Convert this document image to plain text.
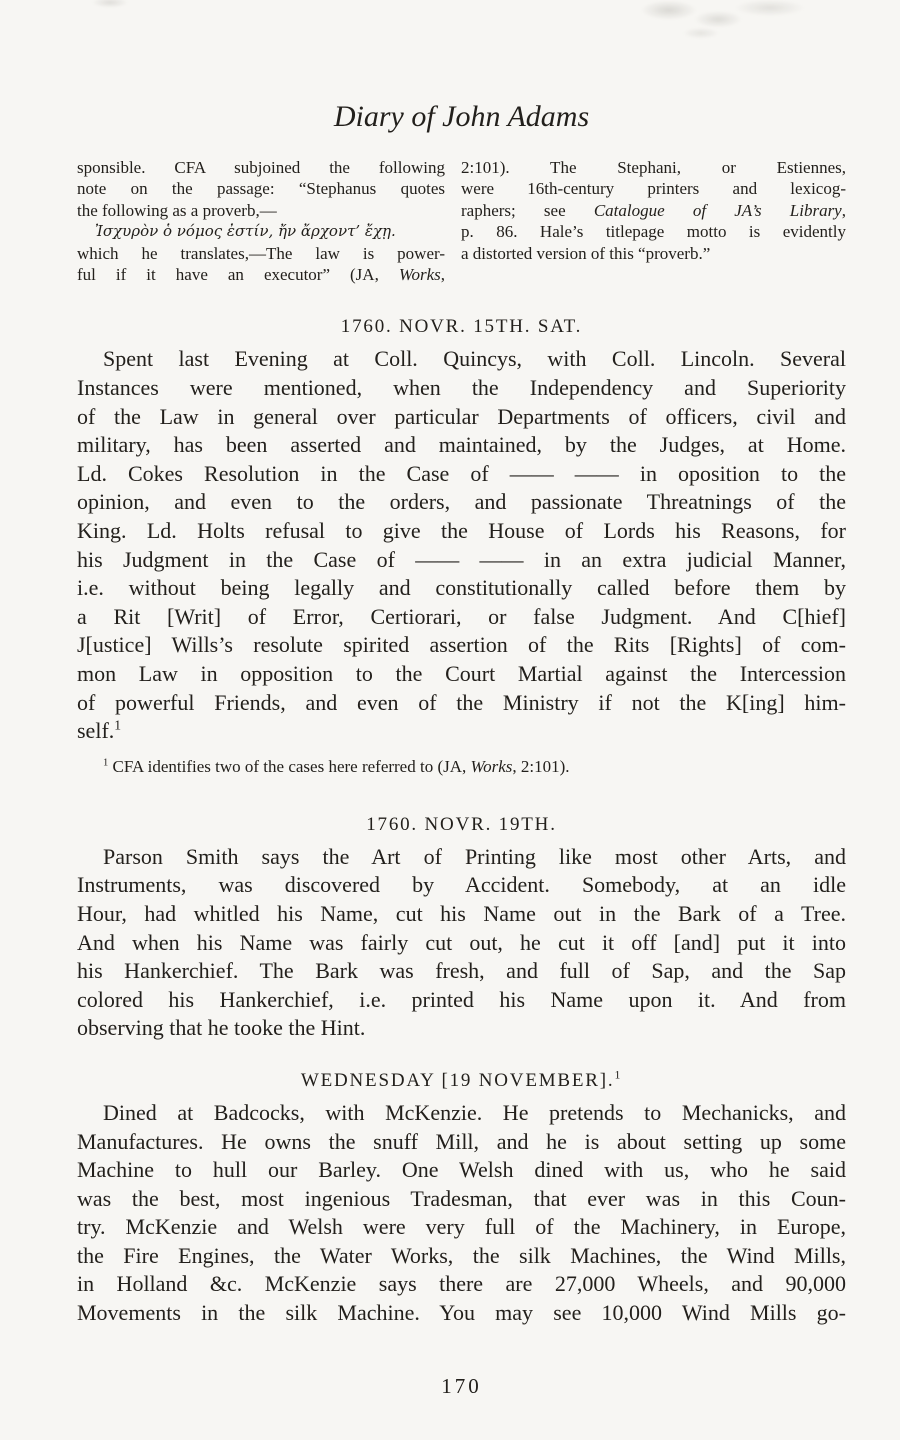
Diary of John Adams
sponsible. CFA subjoined the following
note on the passage: “Stephanus quotes
the following as a proverb,—
Ἰσχυρὸν ὁ νόμος ἐστίν, ἤν ἄρχοντ’ ἔχῃ.
which he translates,—The law is power-
ful if it have an executor” (JA, Works,
2:101). The Stephani, or Estiennes,
were 16th-century printers and lexicog-
raphers; see Catalogue of JA’s Library,
p. 86. Hale’s titlepage motto is evidently
a distorted version of this “proverb.”
1760. NOVR. 15TH. SAT.
Spent last Evening at Coll. Quincys, with Coll. Lincoln. Several
Instances were mentioned, when the Independency and Superiority
of the Law in general over particular Departments of officers, civil and
military, has been asserted and maintained, by the Judges, at Home.
Ld. Cokes Resolution in the Case of —— —— in oposition to the
opinion, and even to the orders, and passionate Threatnings of the
King. Ld. Holts refusal to give the House of Lords his Reasons, for
his Judgment in the Case of —— —— in an extra judicial Manner,
i.e. without being legally and constitutionally called before them by
a Rit [Writ] of Error, Certiorari, or false Judgment. And C[hief]
J[ustice] Wills’s resolute spirited assertion of the Rits [Rights] of com-
mon Law in opposition to the Court Martial against the Intercession
of powerful Friends, and even of the Ministry if not the K[ing] him-
self.$^1$
$^1$ CFA identifies two of the cases here referred to (JA, Works, 2:101).
1760. NOVR. 19TH.
Parson Smith says the Art of Printing like most other Arts, and
Instruments, was discovered by Accident. Somebody, at an idle
Hour, had whitled his Name, cut his Name out in the Bark of a Tree.
And when his Name was fairly cut out, he cut it off [and] put it into
his Hankerchief. The Bark was fresh, and full of Sap, and the Sap
colored his Hankerchief, i.e. printed his Name upon it. And from
observing that he tooke the Hint.
WEDNESDAY [19 NOVEMBER].$^1$
Dined at Badcocks, with McKenzie. He pretends to Mechanicks, and
Manufactures. He owns the snuff Mill, and he is about setting up some
Machine to hull our Barley. One Welsh dined with us, who he said
was the best, most ingenious Tradesman, that ever was in this Coun-
try. McKenzie and Welsh were very full of the Machinery, in Europe,
the Fire Engines, the Water Works, the silk Machines, the Wind Mills,
in Holland &c. McKenzie says there are 27,000 Wheels, and 90,000
Movements in the silk Machine. You may see 10,000 Wind Mills go-
170
